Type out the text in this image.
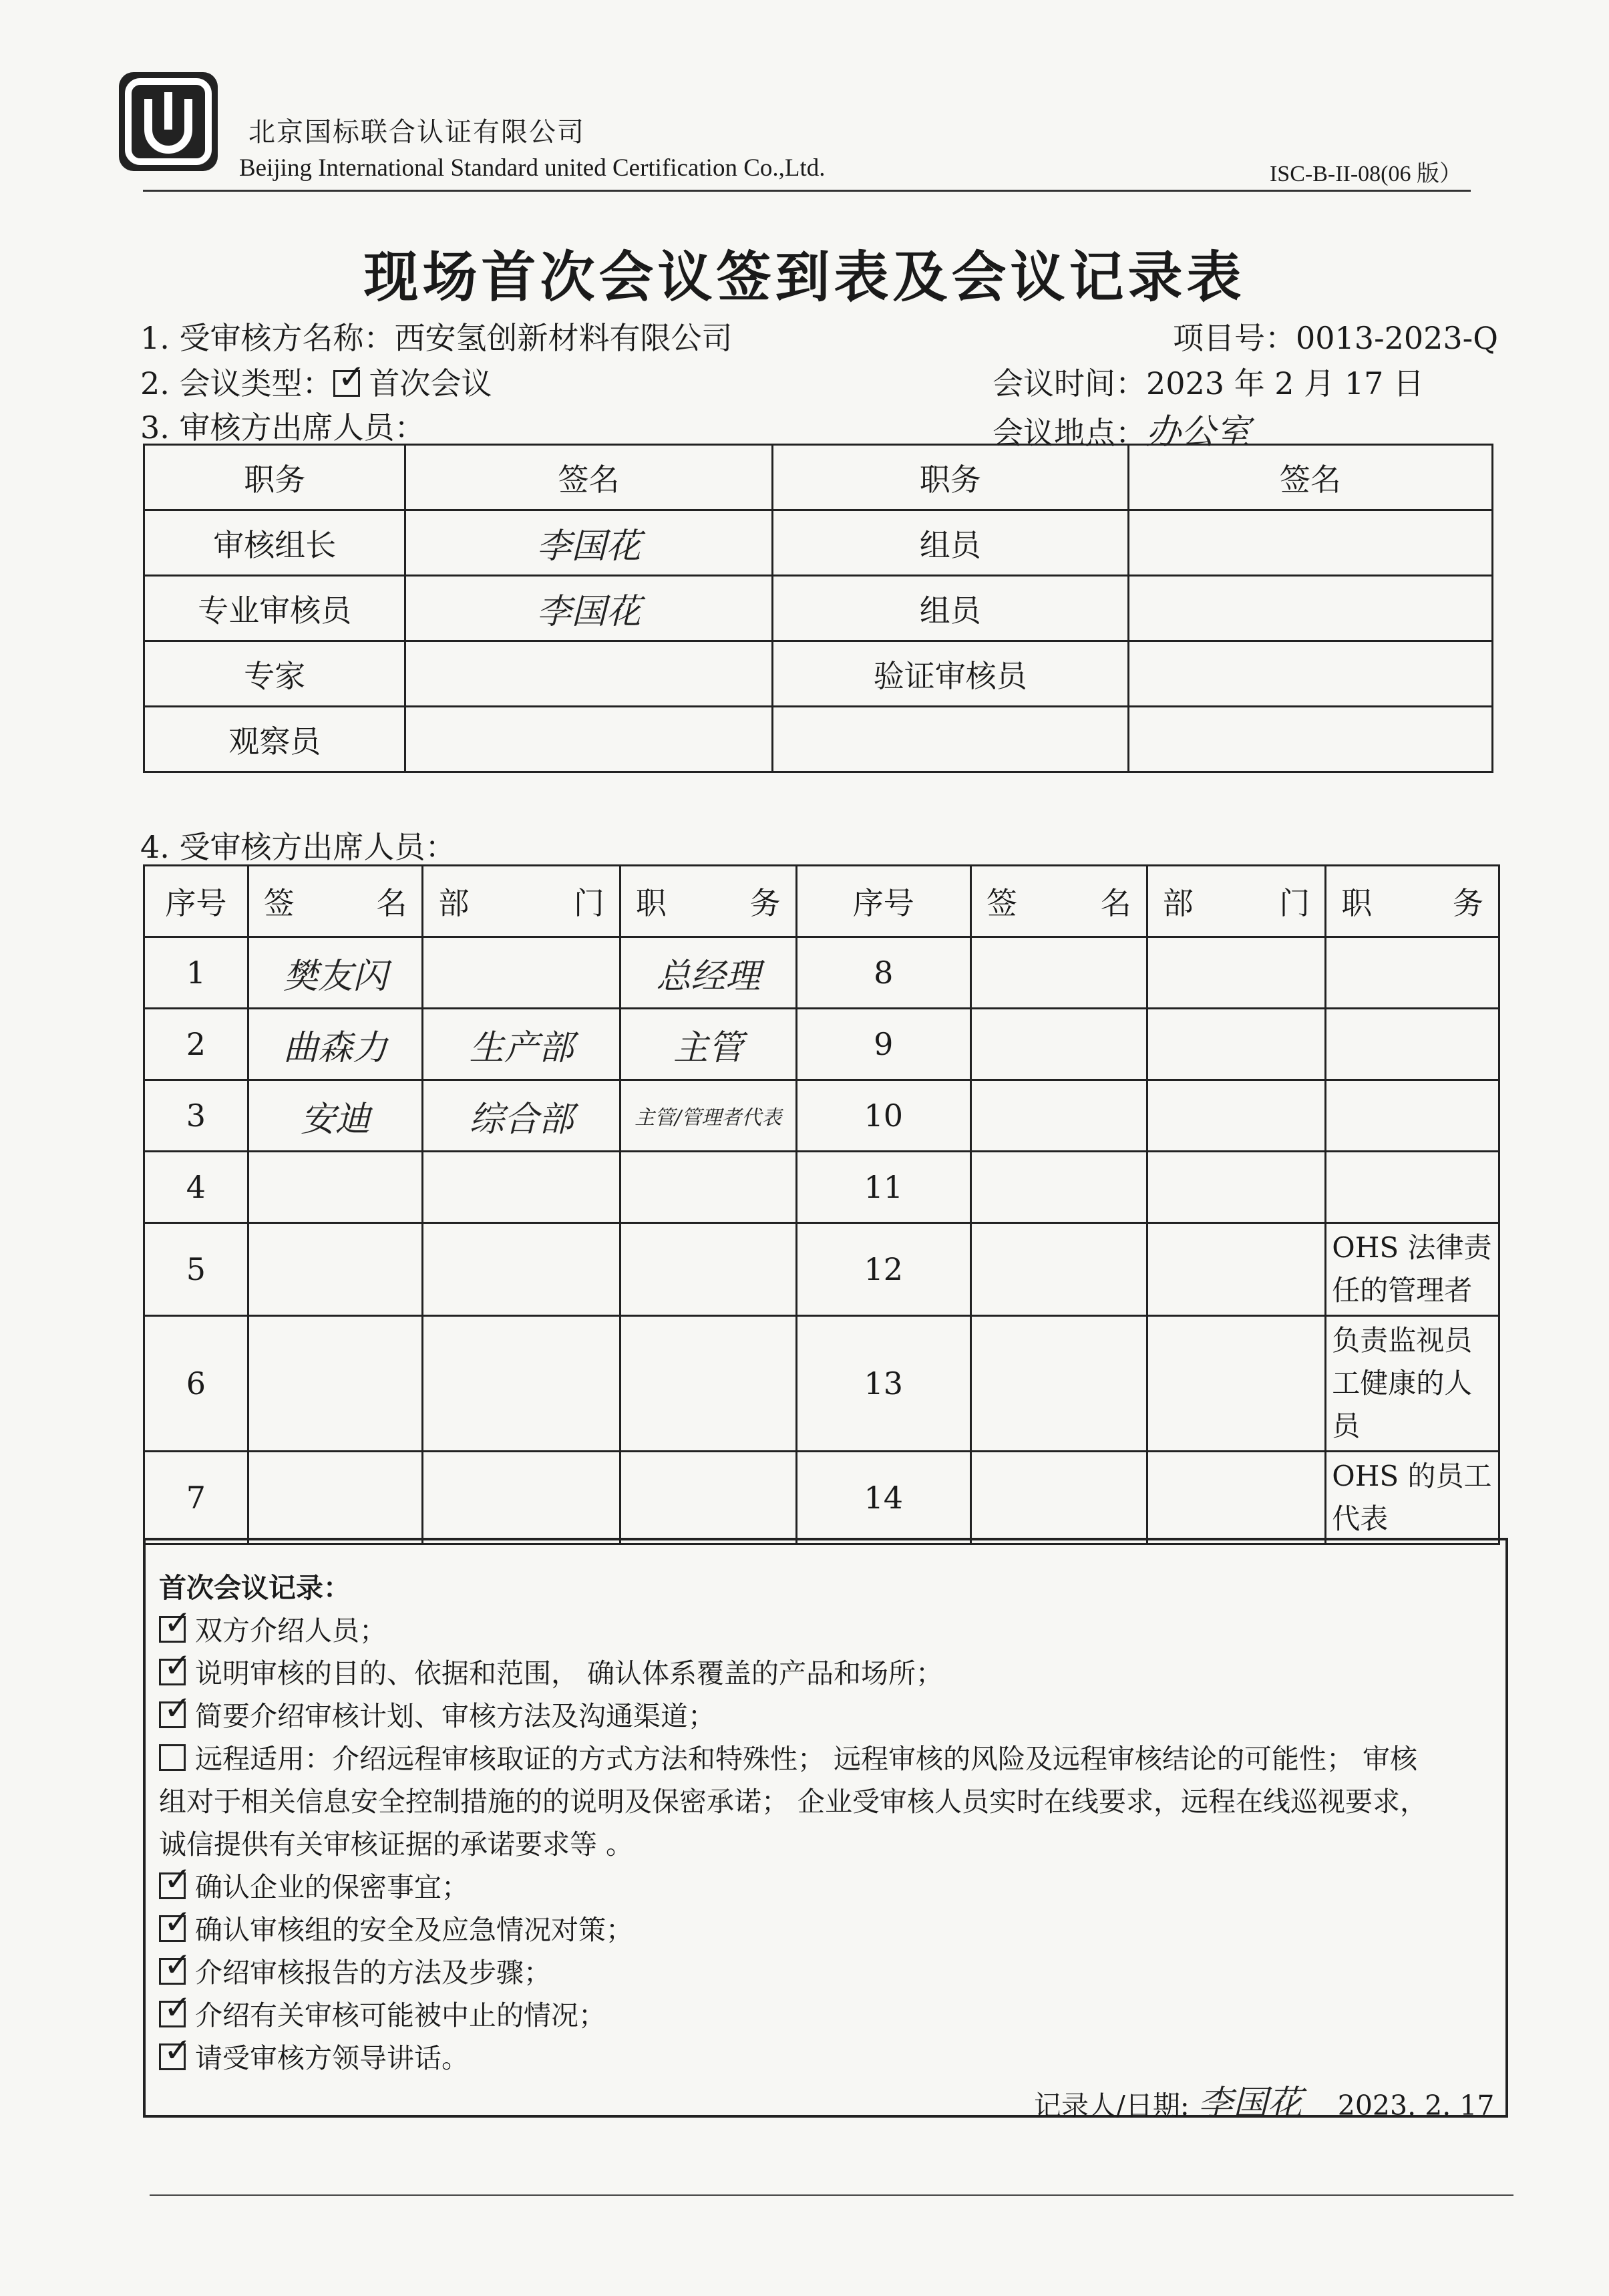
北京国标联合认证有限公司
Beijing International Standard united Certification Co.,Ltd.	ISC-B-II-08(06 版）
现场首次会议签到表及会议记录表
1. 受审核方名称：西安氢创新材料有限公司	项目号：0013-2023-Q
2. 会议类型： ✓ 首次会议	会议时间：2023 年 2 月 17 日
3. 审核方出席人员：	会议地点：办公室
职务	签名	职务	签名
审核组长	李国花	组员	
专业审核员	李国花	组员	
专家		验证审核员	
观察员			
4. 受审核方出席人员：
序号	签 名	部 门	职 务	序号	签 名	部 门	职 务

1	樊友闪		总经理	8			
2	曲森力	生产部	主管	9			
3	安迪	综合部	主管/管理者代表	10			
4				11			
5				12			OHS 法律责任的管理者
6				13			负责监视员工健康的人员
7				14			OHS 的员工代表
首次会议记录：
✓双方介绍人员；
✓说明审核的目的、依据和范围， 确认体系覆盖的产品和场所；
✓简要介绍审核计划、审核方法及沟通渠道；
远程适用：介绍远程审核取证的方式方法和特殊性； 远程审核的风险及远程审核结论的可能性； 审核
组对于相关信息安全控制措施的的说明及保密承诺； 企业受审核人员实时在线要求，远程在线巡视要求，
诚信提供有关审核证据的承诺要求等 。
✓确认企业的保密事宜；
✓确认审核组的安全及应急情况对策；
✓介绍审核报告的方法及步骤；
✓介绍有关审核可能被中止的情况；
✓请受审核方领导讲话。
记录人/日期: 李国花 2023. 2. 17
